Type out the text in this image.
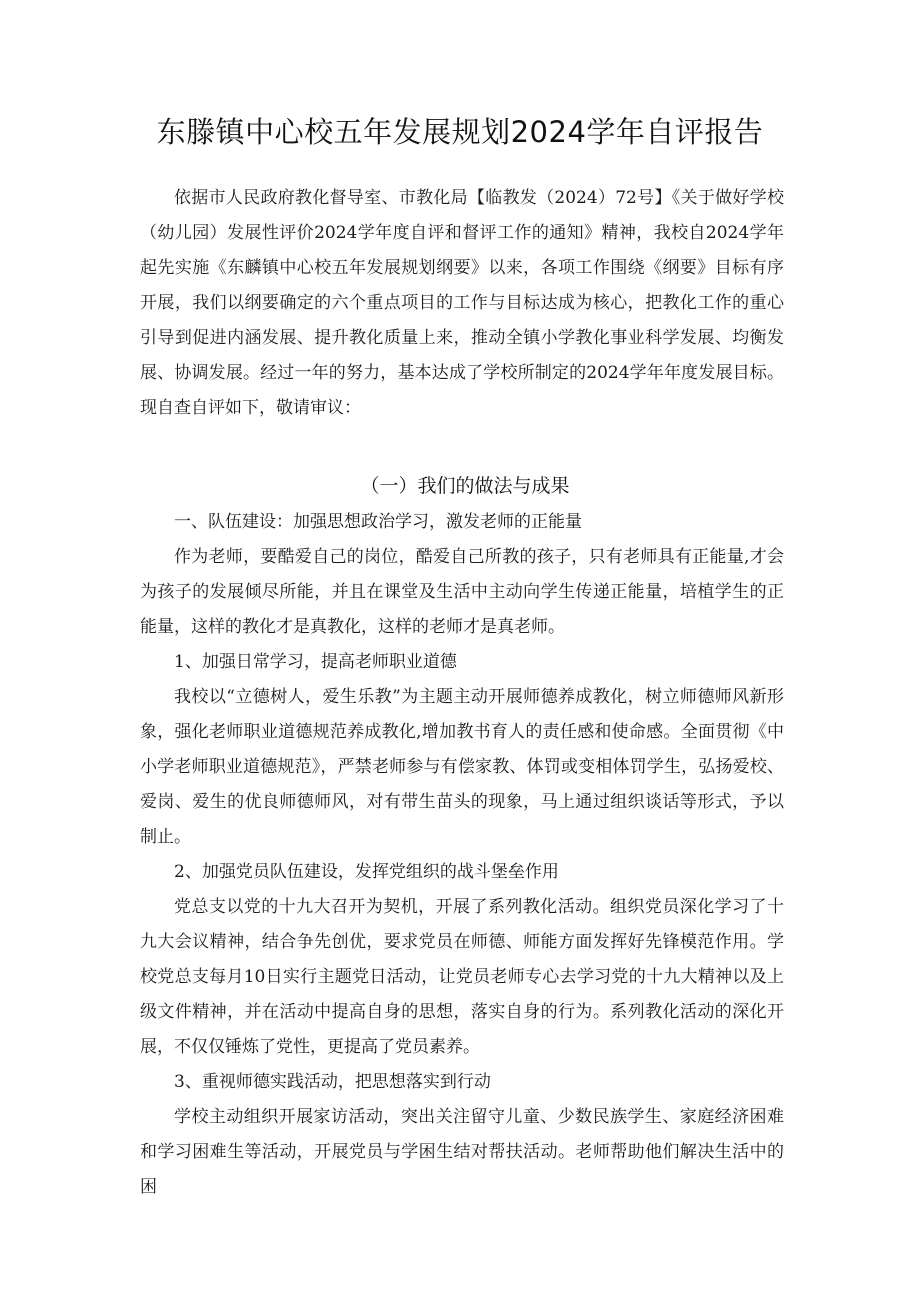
东滕镇中心校五年发展规划2024学年自评报告

依据市人民政府教化督导室、市教化局【临教发（2024）72号】《关于做好学校（幼儿园）发展性评价2024学年度自评和督评工作的通知》精神，我校自2024学年起先实施《东麟镇中心校五年发展规划纲要》以来，各项工作围绕《纲要》目标有序开展，我们以纲要确定的六个重点项目的工作与目标达成为核心，把教化工作的重心引导到促进内涵发展、提升教化质量上来，推动全镇小学教化事业科学发展、均衡发展、协调发展。经过一年的努力，基本达成了学校所制定的2024学年年度发展目标。现自查自评如下，敬请审议：

（一）我们的做法与成果

一、队伍建设：加强思想政治学习，激发老师的正能量

作为老师，要酷爱自己的岗位，酷爱自己所教的孩子，只有老师具有正能量,才会为孩子的发展倾尽所能，并且在课堂及生活中主动向学生传递正能量，培植学生的正能量，这样的教化才是真教化，这样的老师才是真老师。

1、加强日常学习，提高老师职业道德

我校以“立德树人，爱生乐教”为主题主动开展师德养成教化，树立师德师风新形象，强化老师职业道德规范养成教化,增加教书育人的责任感和使命感。全面贯彻《中小学老师职业道德规范》，严禁老师参与有偿家教、体罚或变相体罚学生，弘扬爱校、爱岗、爱生的优良师德师风，对有带生苗头的现象，马上通过组织谈话等形式，予以制止。

2、加强党员队伍建设，发挥党组织的战斗堡垒作用

党总支以党的十九大召开为契机，开展了系列教化活动。组织党员深化学习了十九大会议精神，结合争先创优，要求党员在师德、师能方面发挥好先锋模范作用。学校党总支每月10日实行主题党日活动，让党员老师专心去学习党的十九大精神以及上级文件精神，并在活动中提高自身的思想，落实自身的行为。系列教化活动的深化开展，不仅仅锤炼了党性，更提高了党员素养。

3、重视师德实践活动，把思想落实到行动

学校主动组织开展家访活动，突出关注留守儿童、少数民族学生、家庭经济困难和学习困难生等活动，开展党员与学困生结对帮扶活动。老师帮助他们解决生活中的困
